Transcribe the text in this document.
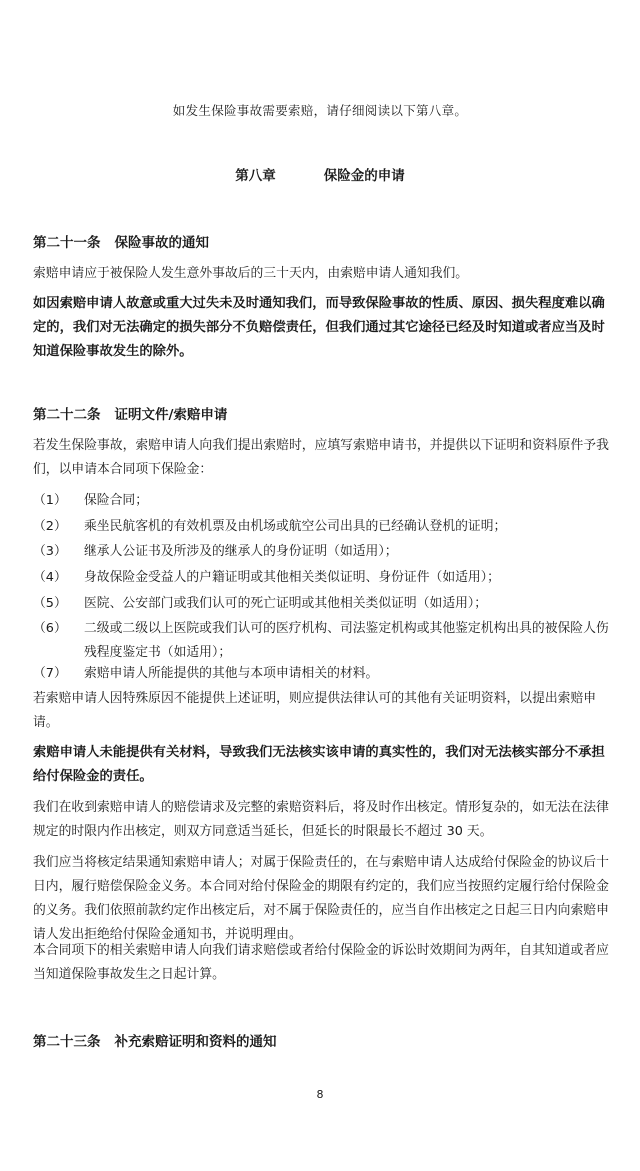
如发生保险事故需要索赔，请仔细阅读以下第八章。
第八章	保险金的申请
第二十一条 保险事故的通知
索赔申请应于被保险人发生意外事故后的三十天内，由索赔申请人通知我们。
如因索赔申请人故意或重大过失未及时通知我们，而导致保险事故的性质、原因、损失程度难以确定的，我们对无法确定的损失部分不负赔偿责任，但我们通过其它途径已经及时知道或者应当及时知道保险事故发生的除外。
第二十二条 证明文件/索赔申请
若发生保险事故，索赔申请人向我们提出索赔时，应填写索赔申请书，并提供以下证明和资料原件予我们，以申请本合同项下保险金：
（1）	保险合同；
（2）	乘坐民航客机的有效机票及由机场或航空公司出具的已经确认登机的证明；
（3）	继承人公证书及所涉及的继承人的身份证明（如适用）；
（4）	身故保险金受益人的户籍证明或其他相关类似证明、身份证件（如适用）；
（5）	医院、公安部门或我们认可的死亡证明或其他相关类似证明（如适用）；
（6）	二级或二级以上医院或我们认可的医疗机构、司法鉴定机构或其他鉴定机构出具的被保险人伤残程度鉴定书（如适用）；
（7）	索赔申请人所能提供的其他与本项申请相关的材料。
若索赔申请人因特殊原因不能提供上述证明，则应提供法律认可的其他有关证明资料，以提出索赔申请。
索赔申请人未能提供有关材料，导致我们无法核实该申请的真实性的，我们对无法核实部分不承担给付保险金的责任。
我们在收到索赔申请人的赔偿请求及完整的索赔资料后，将及时作出核定。情形复杂的，如无法在法律规定的时限内作出核定，则双方同意适当延长，但延长的时限最长不超过 30 天。
我们应当将核定结果通知索赔申请人；对属于保险责任的，在与索赔申请人达成给付保险金的协议后十日内，履行赔偿保险金义务。本合同对给付保险金的期限有约定的，我们应当按照约定履行给付保险金的义务。我们依照前款约定作出核定后，对不属于保险责任的，应当自作出核定之日起三日内向索赔申请人发出拒绝给付保险金通知书，并说明理由。
本合同项下的相关索赔申请人向我们请求赔偿或者给付保险金的诉讼时效期间为两年，自其知道或者应当知道保险事故发生之日起计算。
第二十三条 补充索赔证明和资料的通知
8
